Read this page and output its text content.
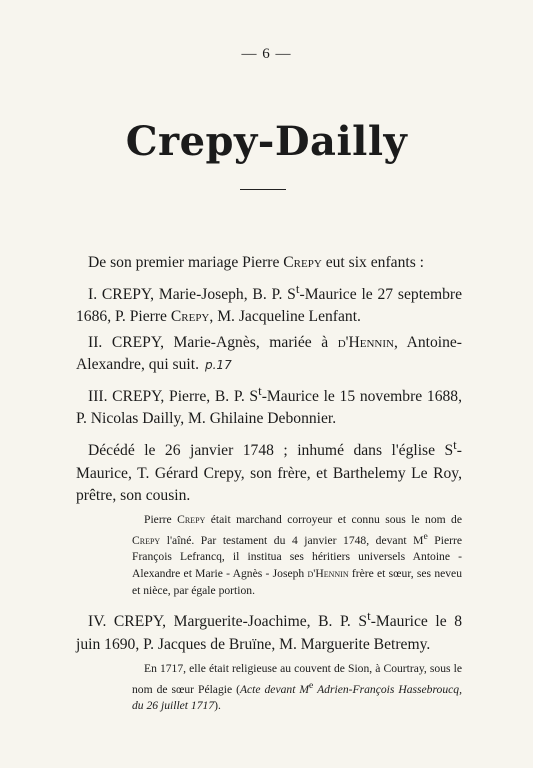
— 6 —
Crepy-Dailly

De son premier mariage Pierre Crepy eut six enfants :

I. CREPY, Marie-Joseph, B. P. $S^t$-Maurice le 27 septembre 1686, P. Pierre Crepy, M. Jacqueline Lenfant.

II. CREPY, Marie-Agnès, mariée à d'Hennin, Antoine-Alexandre, qui suit. p.17

III. CREPY, Pierre, B. P. $S^t$-Maurice le 15 novembre 1688, P. Nicolas Dailly, M. Ghilaine Debonnier.

Décédé le 26 janvier 1748 ; inhumé dans l'église $S^t$-Maurice, T. Gérard Crepy, son frère, et Barthelemy Le Roy, prêtre, son cousin.

Pierre Crepy était marchand corroyeur et connu sous le nom de Crepy l'aîné. Par testament du 4 janvier 1748, devant Me Pierre François Lefrancq, il institua ses héritiers universels Antoine - Alexandre et Marie - Agnès - Joseph d'Hennin frère et sœur, ses neveu et nièce, par égale portion.

IV. CREPY, Marguerite-Joachime, B. P. $S^t$-Maurice le 8 juin 1690, P. Jacques de Bruïne, M. Marguerite Betremy.

En 1717, elle était religieuse au couvent de Sion, à Courtray, sous le nom de sœur Pélagie (Acte devant Me Adrien-François Hassebroucq, du 26 juillet 1717).
